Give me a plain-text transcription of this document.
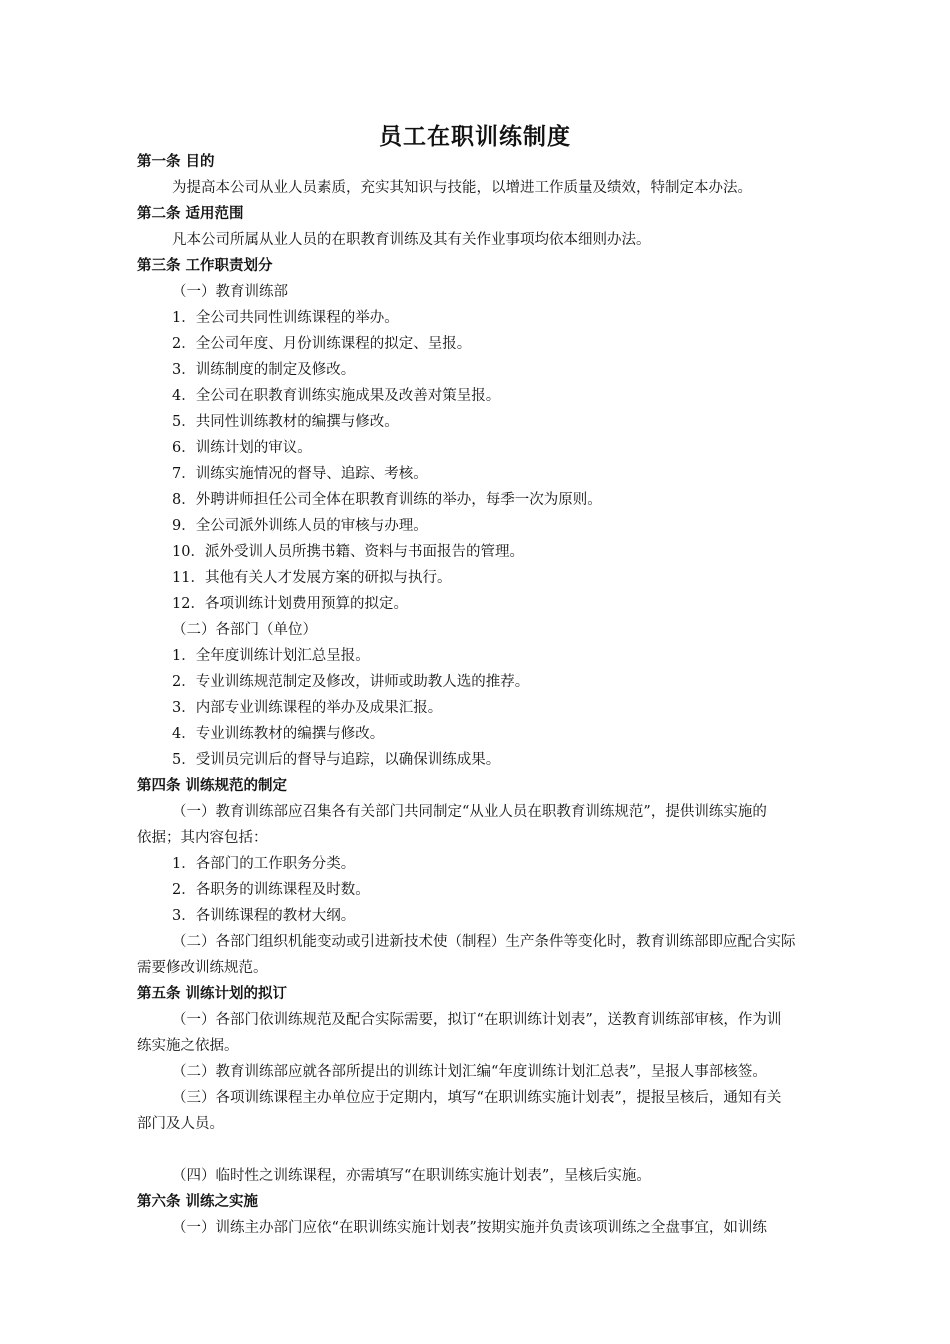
员工在职训练制度
第一条 目的
为提高本公司从业人员素质，充实其知识与技能，以增进工作质量及绩效，特制定本办法。
第二条 适用范围
凡本公司所属从业人员的在职教育训练及其有关作业事项均依本细则办法。
第三条 工作职责划分
（一）教育训练部
1．全公司共同性训练课程的举办。
2．全公司年度、月份训练课程的拟定、呈报。
3．训练制度的制定及修改。
4．全公司在职教育训练实施成果及改善对策呈报。
5．共同性训练教材的编撰与修改。
6．训练计划的审议。
7．训练实施情况的督导、追踪、考核。
8．外聘讲师担任公司全体在职教育训练的举办，每季一次为原则。
9．全公司派外训练人员的审核与办理。
10．派外受训人员所携书籍、资料与书面报告的管理。
11．其他有关人才发展方案的研拟与执行。
12．各项训练计划费用预算的拟定。
（二）各部门（单位）
1．全年度训练计划汇总呈报。
2．专业训练规范制定及修改，讲师或助教人选的推荐。
3．内部专业训练课程的举办及成果汇报。
4．专业训练教材的编撰与修改。
5．受训员完训后的督导与追踪，以确保训练成果。
第四条 训练规范的制定
（一）教育训练部应召集各有关部门共同制定“从业人员在职教育训练规范”，提供训练实施的
依据；其内容包括：
1．各部门的工作职务分类。
2．各职务的训练课程及时数。
3．各训练课程的教材大纲。
（二）各部门组织机能变动或引进新技术使（制程）生产条件等变化时，教育训练部即应配合实际
需要修改训练规范。
第五条 训练计划的拟订
（一）各部门依训练规范及配合实际需要，拟订“在职训练计划表”，送教育训练部审核，作为训
练实施之依据。
（二）教育训练部应就各部所提出的训练计划汇编“年度训练计划汇总表”，呈报人事部核签。
（三）各项训练课程主办单位应于定期内，填写“在职训练实施计划表”，提报呈核后，通知有关
部门及人员。
（四）临时性之训练课程，亦需填写“在职训练实施计划表”，呈核后实施。
第六条 训练之实施
（一）训练主办部门应依“在职训练实施计划表”按期实施并负责该项训练之全盘事宜，如训练
